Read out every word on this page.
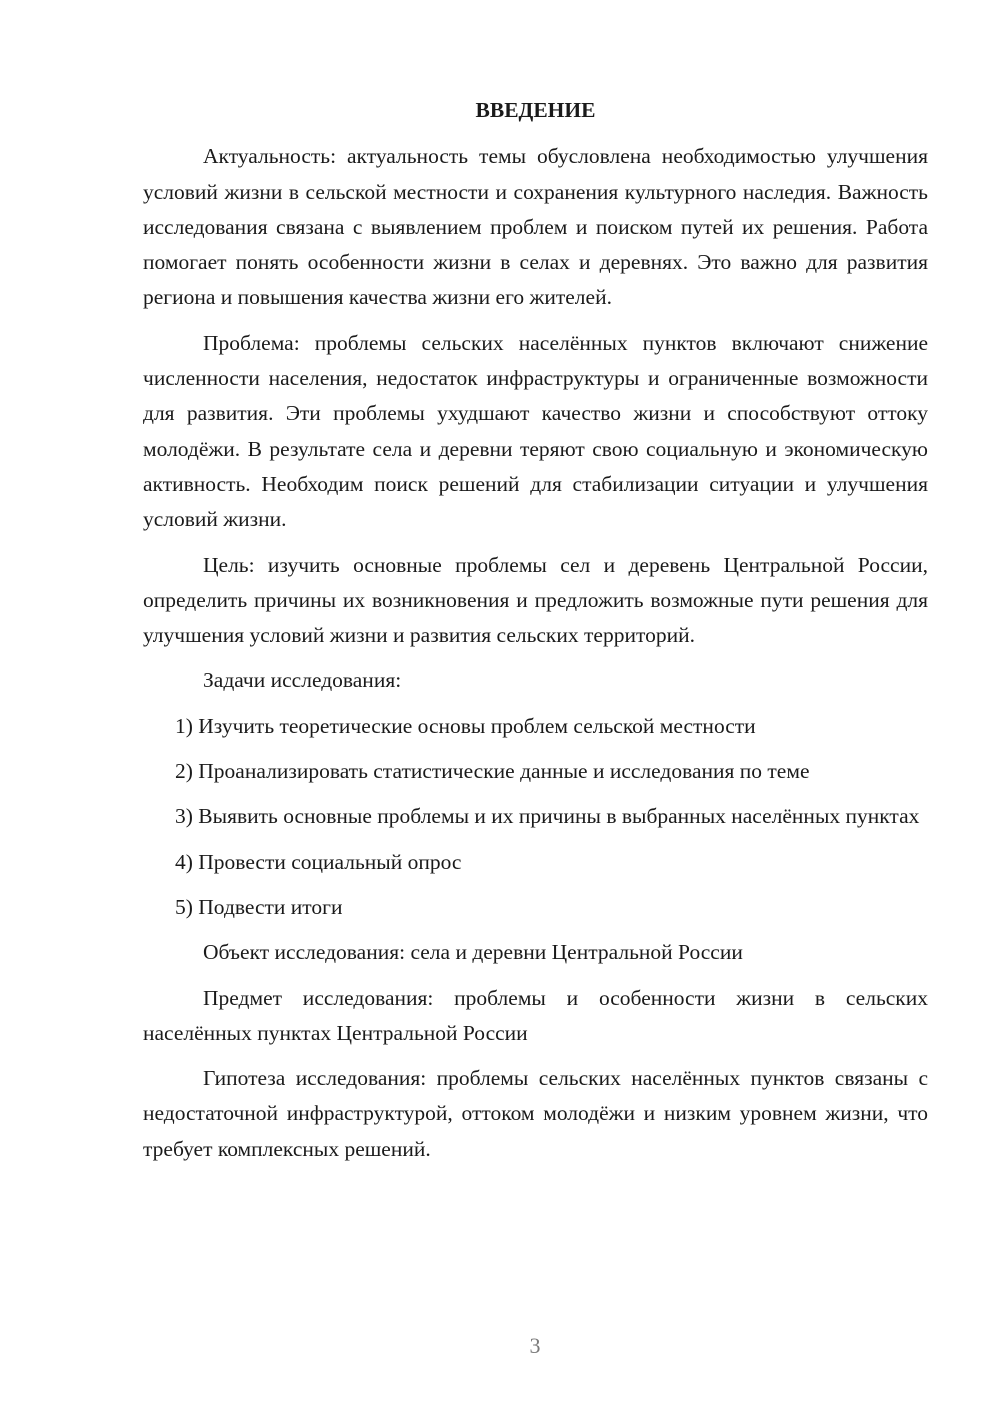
ВВЕДЕНИЕ
Актуальность: актуальность темы обусловлена необходимостью улучшения условий жизни в сельской местности и сохранения культурного наследия. Важность исследования связана с выявлением проблем и поиском путей их решения. Работа помогает понять особенности жизни в селах и деревнях. Это важно для развития региона и повышения качества жизни его жителей.
Проблема: проблемы сельских населённых пунктов включают снижение численности населения, недостаток инфраструктуры и ограниченные возможности для развития. Эти проблемы ухудшают качество жизни и способствуют оттоку молодёжи. В результате села и деревни теряют свою социальную и экономическую активность. Необходим поиск решений для стабилизации ситуации и улучшения условий жизни.
Цель: изучить основные проблемы сел и деревень Центральной России, определить причины их возникновения и предложить возможные пути решения для улучшения условий жизни и развития сельских территорий.
Задачи исследования:
1) Изучить теоретические основы проблем сельской местности
2) Проанализировать статистические данные и исследования по теме
3) Выявить основные проблемы и их причины в выбранных населённых пунктах
4) Провести социальный опрос
5) Подвести итоги
Объект исследования: села и деревни Центральной России
Предмет исследования: проблемы и особенности жизни в сельских населённых пунктах Центральной России
Гипотеза исследования: проблемы сельских населённых пунктов связаны с недостаточной инфраструктурой, оттоком молодёжи и низким уровнем жизни, что требует комплексных решений.
3
